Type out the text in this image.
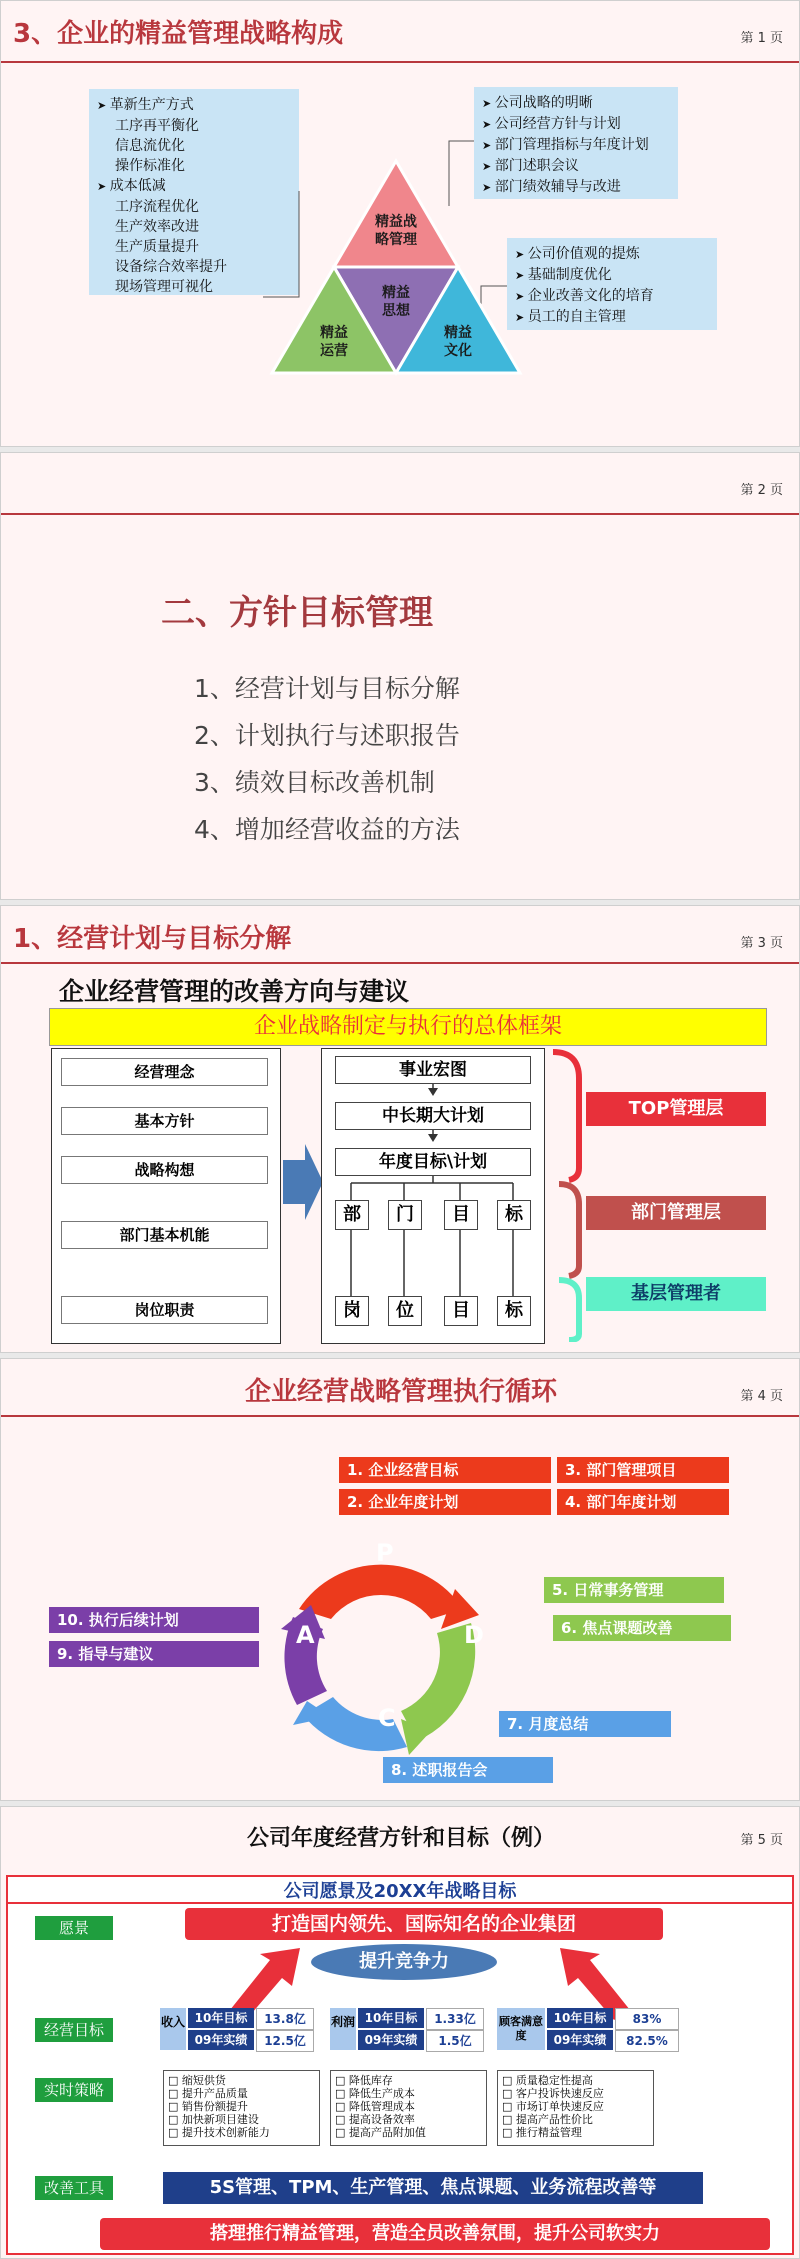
3、企业的精益管理战略构成	第 1 页
➤ 革新生产方式
工序再平衡化
信息流优化
操作标准化
➤ 成本低减
工序流程优化
生产效率改进
生产质量提升
设备综合效率提升
现场管理可视化
➤ 公司战略的明晰
➤ 公司经营方针与计划
➤ 部门管理指标与年度计划
➤ 部门述职会议
➤ 部门绩效辅导与改进
➤ 公司价值观的提炼
➤ 基础制度优化
➤ 企业改善文化的培育
➤ 员工的自主管理
精益战
略管理
精益
思想
精益
运营
精益
文化
第 2 页
二、方针目标管理
1、经营计划与目标分解
2、计划执行与述职报告
3、绩效目标改善机制
4、增加经营收益的方法
1、经营计划与目标分解	第 3 页
企业经营管理的改善方向与建议
企业战略制定与执行的总体框架
经营理念
基本方针
战略构想
部门基本机能
岗位职责
事业宏图
中长期大计划
年度目标\计划
部	门	目	标
岗	位	目	标
TOP管理层
部门管理层
基层管理者
企业经营战略管理执行循环	第 4 页
P
D
C
A
1. 企业经营目标
2. 企业年度计划
3. 部门管理项目
4. 部门年度计划
5. 日常事务管理
6. 焦点课题改善
7. 月度总结
8. 述职报告会
10. 执行后续计划
9. 指导与建议
公司年度经营方针和目标（例）	第 5 页
公司愿景及20XX年战略目标
愿景	打造国内领先、国际知名的企业集团
提升竞争力
经营目标	收入 10年目标	13.8亿
09年实绩	12.5亿
利润 10年目标	1.33亿
09年实绩	1.5亿
顾客满意度
10年目标	83%
09年实绩	82.5%
实时策略
□ 缩短供货
□ 提升产品质量
□ 销售份额提升
□ 加快新项目建设
□ 提升技术创新能力
□ 降低库存
□ 降低生产成本
□ 降低管理成本
□ 提高设备效率
□ 提高产品附加值
□ 质量稳定性提高
□ 客户投诉快速反应
□ 市场订单快速反应
□ 提高产品性价比
□ 推行精益管理
改善工具	5S管理、TPM、生产管理、焦点课题、业务流程改善等
搭理推行精益管理，营造全员改善氛围，提升公司软实力
